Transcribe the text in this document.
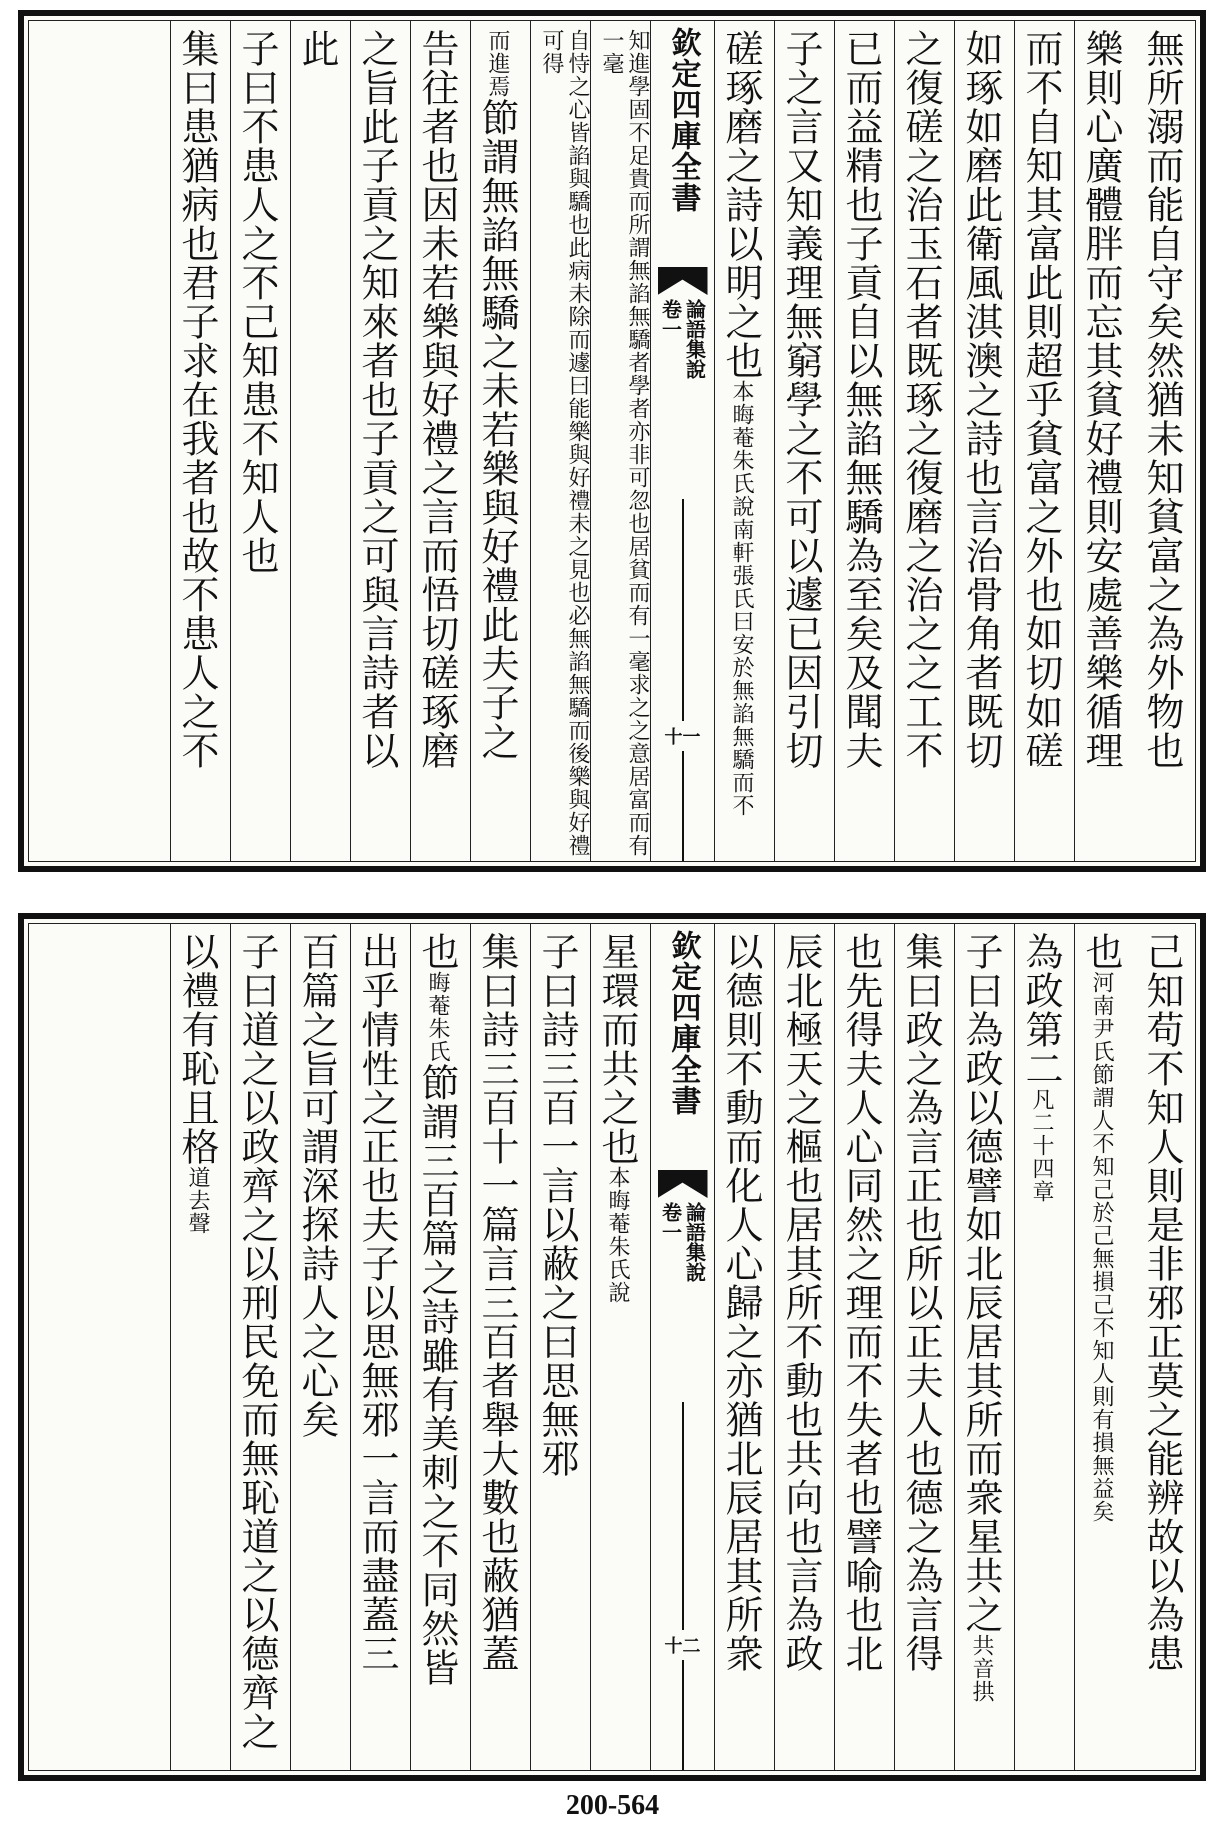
無所溺而能自守矣然猶未知貧富之為外物也
樂則心廣體胖而忘其貧好禮則安處善樂循理
而不自知其富此則超乎貧富之外也如切如磋
如琢如磨此衛風淇澳之詩也言治骨角者既切
之復磋之治玉石者既琢之復磨之治之之工不
已而益精也子貢自以無諂無驕為至矣及聞夫
子之言又知義理無窮學之不可以遽已因引切
磋琢磨之詩以明之也本晦菴朱氏說南軒張氏曰安於無諂無驕而不
欽定四庫全書
論語集說
卷一
十一
知進學固不足貴而所謂無諂無驕者學者亦非可忽也居貧而有一毫求之之意居富而有一毫
自恃之心皆諂與驕也此病未除而遽曰能樂與好禮未之見也必無諂無驕而後樂與好禮可得
而進焉節謂無諂無驕之未若樂與好禮此夫子之
告往者也因未若樂與好禮之言而悟切磋琢磨
之旨此子貢之知來者也子貢之可與言詩者以
此
子曰不患人之不己知患不知人也
集曰患猶病也君子求在我者也故不患人之不
己知苟不知人則是非邪正莫之能辨故以為患
也河南尹氏節謂人不知己於己無損己不知人則有損無益矣
為政第二凡二十四章
子曰為政以德譬如北辰居其所而衆星共之共音拱
集曰政之為言正也所以正夫人也德之為言得
也先得夫人心同然之理而不失者也譬喻也北
辰北極天之樞也居其所不動也共向也言為政
以德則不動而化人心歸之亦猶北辰居其所衆
欽定四庫全書
論語集說
卷一
十二
星環而共之也本晦菴朱氏說
子曰詩三百一言以蔽之曰思無邪
集曰詩三百十一篇言三百者舉大數也蔽猶蓋
也晦菴朱氏節謂三百篇之詩雖有美刺之不同然皆
出乎情性之正也夫子以思無邪一言而盡蓋三
百篇之旨可謂深探詩人之心矣
子曰道之以政齊之以刑民免而無恥道之以德齊之
以禮有恥且格道去聲
200-564
